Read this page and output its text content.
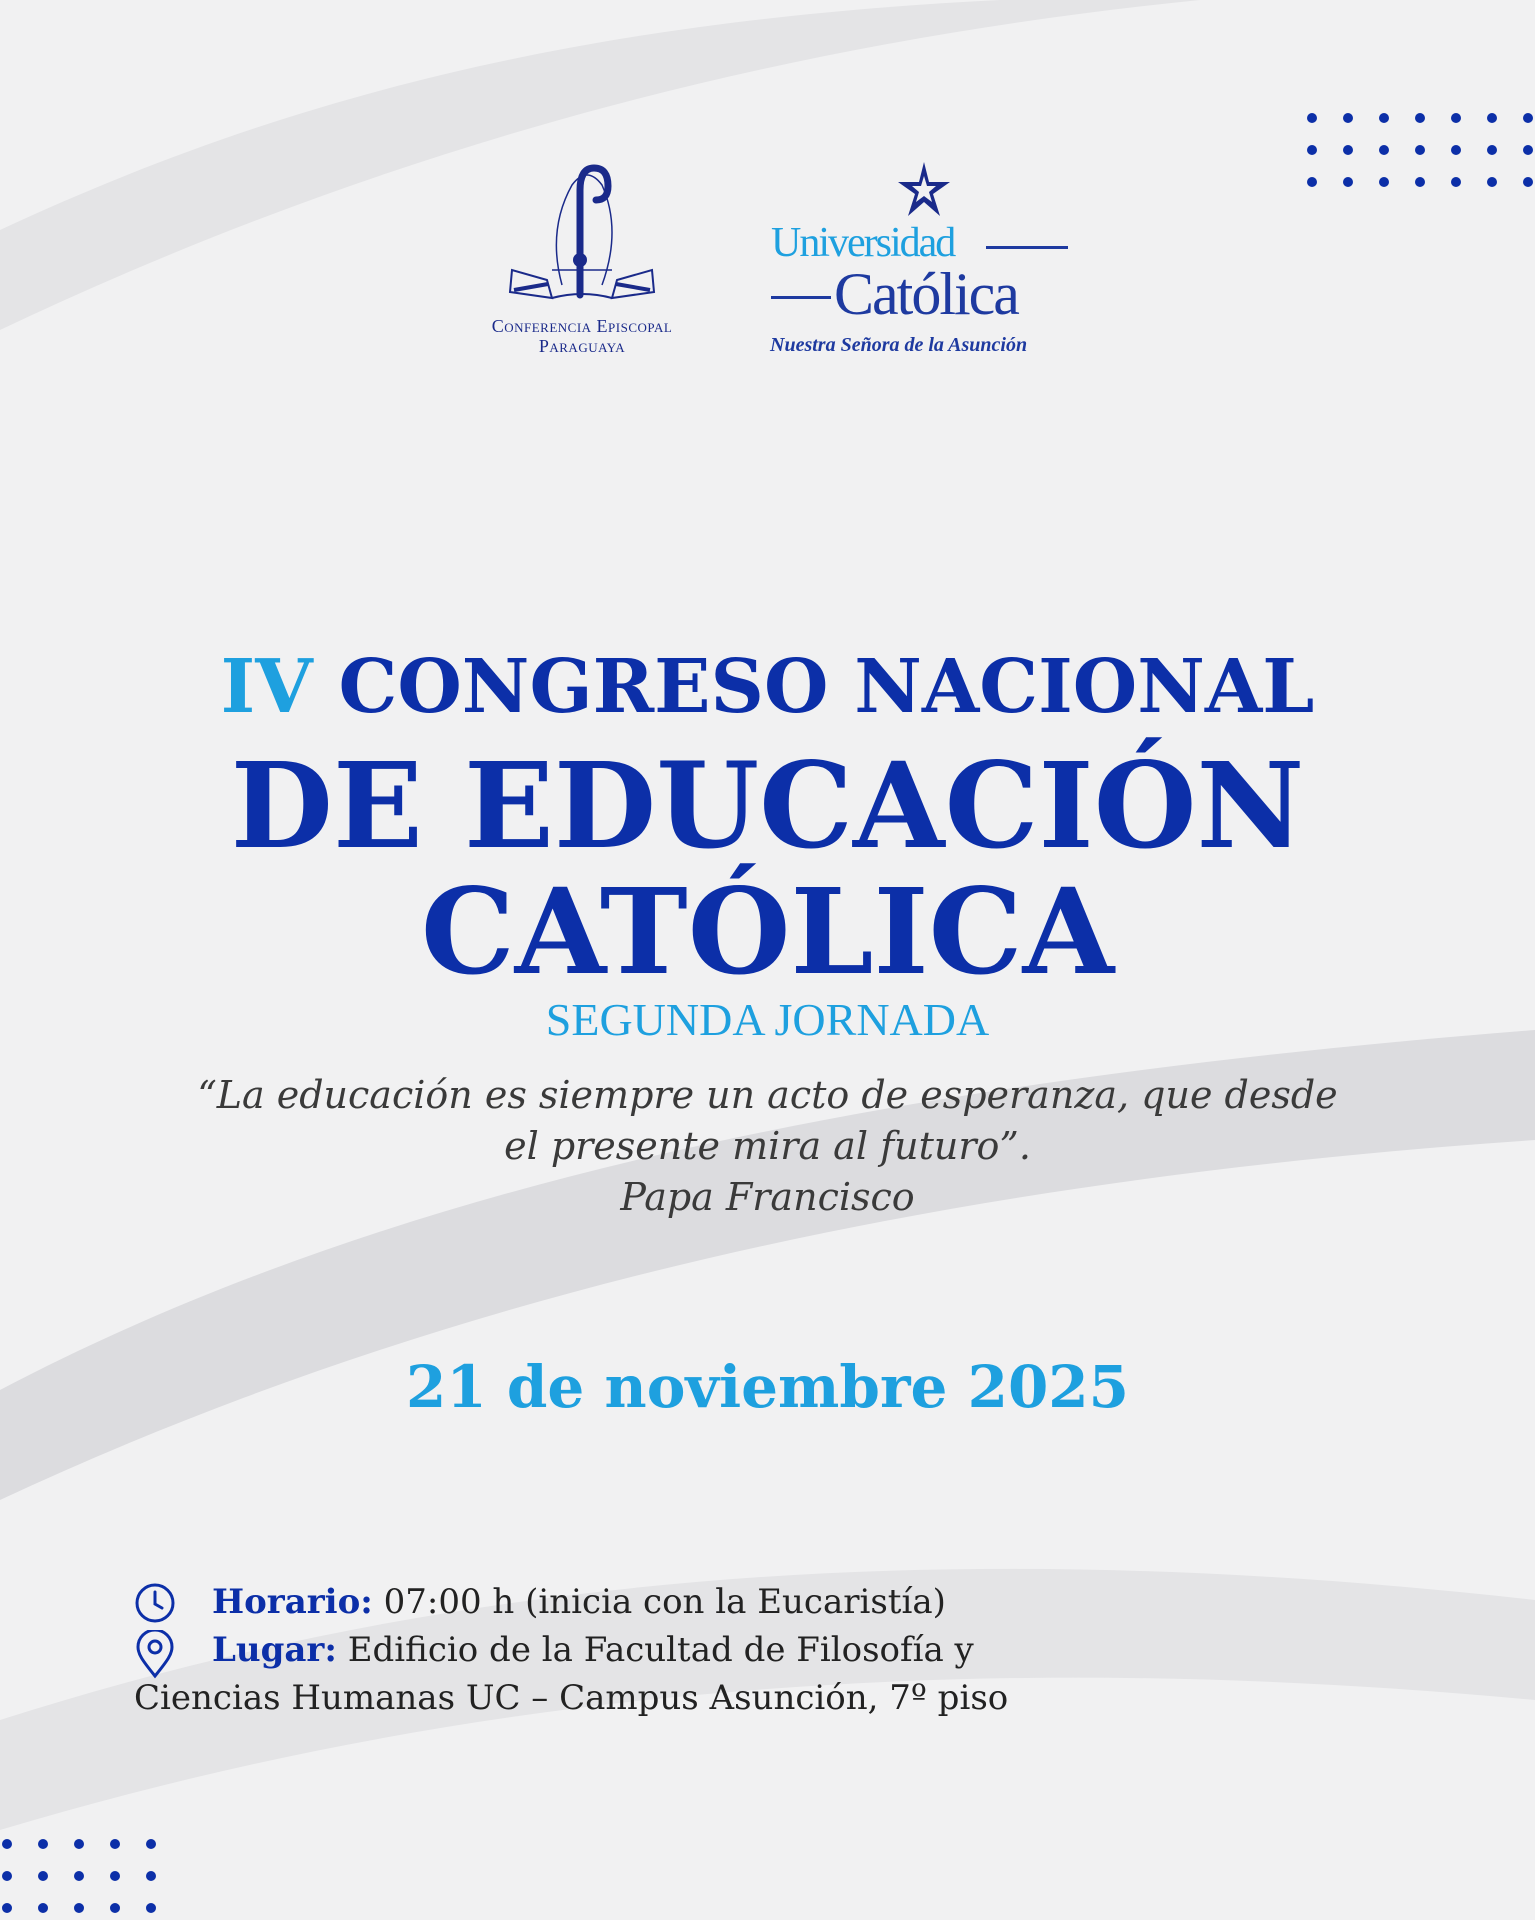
Conferencia Episcopal
Paraguaya
Universidad
Católica
Nuestra Señora de la Asunción
IV CONGRESO NACIONAL
DE EDUCACIÓN
CATÓLICA
SEGUNDA JORNADA
“La educación es siempre un acto de esperanza, que desde
el presente mira al futuro”.
Papa Francisco
21 de noviembre 2025
Horario: 07:00 h (inicia con la Eucaristía)
Lugar: Edificio de la Facultad de Filosofía y
Ciencias Humanas UC – Campus Asunción, 7º piso
